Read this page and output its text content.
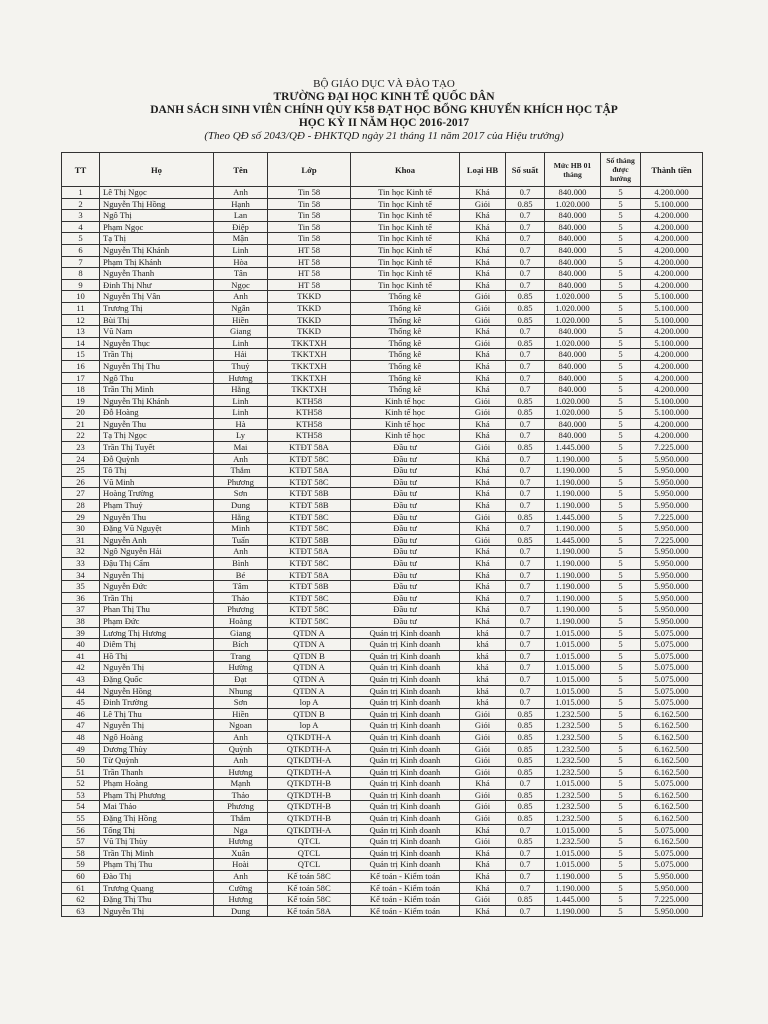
BỘ GIÁO DỤC VÀ ĐÀO TẠO
TRƯỜNG ĐẠI HỌC KINH TẾ QUỐC DÂN
DANH SÁCH SINH VIÊN CHÍNH QUY K58 ĐẠT HỌC BỔNG KHUYẾN KHÍCH HỌC TẬP
HỌC KỲ II NĂM HỌC 2016-2017
(Theo QĐ số 2043/QĐ - ĐHKTQD ngày 21 tháng 11 năm 2017 của Hiệu trưởng)
TT	Họ	Tên	Lớp	Khoa	Loại HB	Số suất	Mức HB 01 tháng	Số tháng được hưởng	Thành tiền
1	Lê Thị Ngọc	Anh	Tin 58	Tin học Kinh tế	Khá	0.7	840.000	5	4.200.000
2	Nguyễn Thị Hồng	Hạnh	Tin 58	Tin học Kinh tế	Giỏi	0.85	1.020.000	5	5.100.000
3	Ngô Thị	Lan	Tin 58	Tin học Kinh tế	Khá	0.7	840.000	5	4.200.000
4	Phạm Ngọc	Điệp	Tin 58	Tin học Kinh tế	Khá	0.7	840.000	5	4.200.000
5	Tạ Thị	Mận	Tin 58	Tin học Kinh tế	Khá	0.7	840.000	5	4.200.000
6	Nguyễn Thị Khánh	Linh	HT 58	Tin học Kinh tế	Khá	0.7	840.000	5	4.200.000
7	Phạm Thị Khánh	Hòa	HT 58	Tin học Kinh tế	Khá	0.7	840.000	5	4.200.000
8	Nguyễn Thanh	Tân	HT 58	Tin học Kinh tế	Khá	0.7	840.000	5	4.200.000
9	Đinh Thị Như	Ngọc	HT 58	Tin học Kinh tế	Khá	0.7	840.000	5	4.200.000
10	Nguyễn Thị Vân	Anh	TKKD	Thống kê	Giỏi	0.85	1.020.000	5	5.100.000
11	Trương Thị	Ngân	TKKD	Thống kê	Giỏi	0.85	1.020.000	5	5.100.000
12	Bùi Thị	Hiền	TKKD	Thống kê	Giỏi	0.85	1.020.000	5	5.100.000
13	Vũ Nam	Giang	TKKD	Thống kê	Khá	0.7	840.000	5	4.200.000
14	Nguyễn Thục	Linh	TKKTXH	Thống kê	Giỏi	0.85	1.020.000	5	5.100.000
15	Trần Thị	Hải	TKKTXH	Thống kê	Khá	0.7	840.000	5	4.200.000
16	Nguyễn Thị Thu	Thuỷ	TKKTXH	Thống kê	Khá	0.7	840.000	5	4.200.000
17	Ngô Thu	Hương	TKKTXH	Thống kê	Khá	0.7	840.000	5	4.200.000
18	Trần Thị Minh	Hằng	TKKTXH	Thống kê	Khá	0.7	840.000	5	4.200.000
19	Nguyễn Thị Khánh	Linh	KTH58	Kinh tế học	Giỏi	0.85	1.020.000	5	5.100.000
20	Đỗ Hoàng	Linh	KTH58	Kinh tế học	Giỏi	0.85	1.020.000	5	5.100.000
21	Nguyễn Thu	Hà	KTH58	Kinh tế học	Khá	0.7	840.000	5	4.200.000
22	Tạ Thị Ngọc	Ly	KTH58	Kinh tế học	Khá	0.7	840.000	5	4.200.000
23	Trần Thị Tuyết	Mai	KTĐT 58A	Đầu tư	Giỏi	0.85	1.445.000	5	7.225.000
24	Đỗ Quỳnh	Anh	KTĐT 58C	Đầu tư	Khá	0.7	1.190.000	5	5.950.000
25	Tô Thị	Thắm	KTĐT 58A	Đầu tư	Khá	0.7	1.190.000	5	5.950.000
26	Vũ Minh	Phương	KTĐT 58C	Đầu tư	Khá	0.7	1.190.000	5	5.950.000
27	Hoàng Trường	Sơn	KTĐT 58B	Đầu tư	Khá	0.7	1.190.000	5	5.950.000
28	Phạm Thuỷ	Dung	KTĐT 58B	Đầu tư	Khá	0.7	1.190.000	5	5.950.000
29	Nguyễn Thu	Hằng	KTĐT 58C	Đầu tư	Giỏi	0.85	1.445.000	5	7.225.000
30	Đặng Vũ Nguyệt	Minh	KTĐT 58C	Đầu tư	Khá	0.7	1.190.000	5	5.950.000
31	Nguyễn Anh	Tuấn	KTĐT 58B	Đầu tư	Giỏi	0.85	1.445.000	5	7.225.000
32	Ngô Nguyễn Hải	Anh	KTĐT 58A	Đầu tư	Khá	0.7	1.190.000	5	5.950.000
33	Đậu Thị Cẩm	Bình	KTĐT 58C	Đầu tư	Khá	0.7	1.190.000	5	5.950.000
34	Nguyễn Thị	Bé	KTĐT 58A	Đầu tư	Khá	0.7	1.190.000	5	5.950.000
35	Nguyễn Đức	Tâm	KTĐT 58B	Đầu tư	Khá	0.7	1.190.000	5	5.950.000
36	Trần Thị	Thảo	KTĐT 58C	Đầu tư	Khá	0.7	1.190.000	5	5.950.000
37	Phan Thị Thu	Phương	KTĐT 58C	Đầu tư	Khá	0.7	1.190.000	5	5.950.000
38	Phạm Đức	Hoàng	KTĐT 58C	Đầu tư	Khá	0.7	1.190.000	5	5.950.000
39	Lương Thị Hương	Giang	QTDN A	Quản trị Kinh doanh	khá	0.7	1.015.000	5	5.075.000
40	Diêm Thị	Bích	QTDN A	Quản trị Kinh doanh	khá	0.7	1.015.000	5	5.075.000
41	Hồ Thị	Trang	QTDN B	Quản trị Kinh doanh	khá	0.7	1.015.000	5	5.075.000
42	Nguyễn Thị	Hường	QTDN A	Quản trị Kinh doanh	khá	0.7	1.015.000	5	5.075.000
43	Đặng Quốc	Đạt	QTDN A	Quản trị Kinh doanh	khá	0.7	1.015.000	5	5.075.000
44	Nguyễn Hồng	Nhung	QTDN A	Quản trị Kinh doanh	khá	0.7	1.015.000	5	5.075.000
45	Đinh Trường	Sơn	lop A	Quản trị Kinh doanh	khá	0.7	1.015.000	5	5.075.000
46	Lê Thị Thu	Hiền	QTDN B	Quản trị Kinh doanh	Giỏi	0.85	1.232.500	5	6.162.500
47	Nguyễn Thị	Ngoan	lop A	Quản trị Kinh doanh	Giỏi	0.85	1.232.500	5	6.162.500
48	Ngô Hoàng	Anh	QTKDTH-A	Quản trị Kinh doanh	Giỏi	0.85	1.232.500	5	6.162.500
49	Dương Thùy	Quỳnh	QTKDTH-A	Quản trị Kinh doanh	Giỏi	0.85	1.232.500	5	6.162.500
50	Từ Quỳnh	Anh	QTKDTH-A	Quản trị Kinh doanh	Giỏi	0.85	1.232.500	5	6.162.500
51	Trần Thanh	Hương	QTKDTH-A	Quản trị Kinh doanh	Giỏi	0.85	1.232.500	5	6.162.500
52	Phạm Hoàng	Mạnh	QTKDTH-B	Quản trị Kinh doanh	Khá	0.7	1.015.000	5	5.075.000
53	Phạm Thị Phương	Thảo	QTKDTH-B	Quản trị Kinh doanh	Giỏi	0.85	1.232.500	5	6.162.500
54	Mai Thảo	Phương	QTKDTH-B	Quản trị Kinh doanh	Giỏi	0.85	1.232.500	5	6.162.500
55	Đặng Thị Hồng	Thắm	QTKDTH-B	Quản trị Kinh doanh	Giỏi	0.85	1.232.500	5	6.162.500
56	Tống Thị	Nga	QTKDTH-A	Quản trị Kinh doanh	Khá	0.7	1.015.000	5	5.075.000
57	Vũ Thị Thùy	Hương	QTCL	Quản trị Kinh doanh	Giỏi	0.85	1.232.500	5	6.162.500
58	Trần Thị Minh	Xuân	QTCL	Quản trị Kinh doanh	Khá	0.7	1.015.000	5	5.075.000
59	Phạm Thị Thu	Hoài	QTCL	Quản trị Kinh doanh	Khá	0.7	1.015.000	5	5.075.000
60	Đào Thị	Anh	Kế toán 58C	Kế toán - Kiểm toán	Khá	0.7	1.190.000	5	5.950.000
61	Trương Quang	Cường	Kế toán 58C	Kế toán - Kiểm toán	Khá	0.7	1.190.000	5	5.950.000
62	Đặng Thị Thu	Hương	Kế toán 58C	Kế toán - Kiểm toán	Giỏi	0.85	1.445.000	5	7.225.000
63	Nguyễn Thị	Dung	Kế toán 58A	Kế toán - Kiểm toán	Khá	0.7	1.190.000	5	5.950.000
